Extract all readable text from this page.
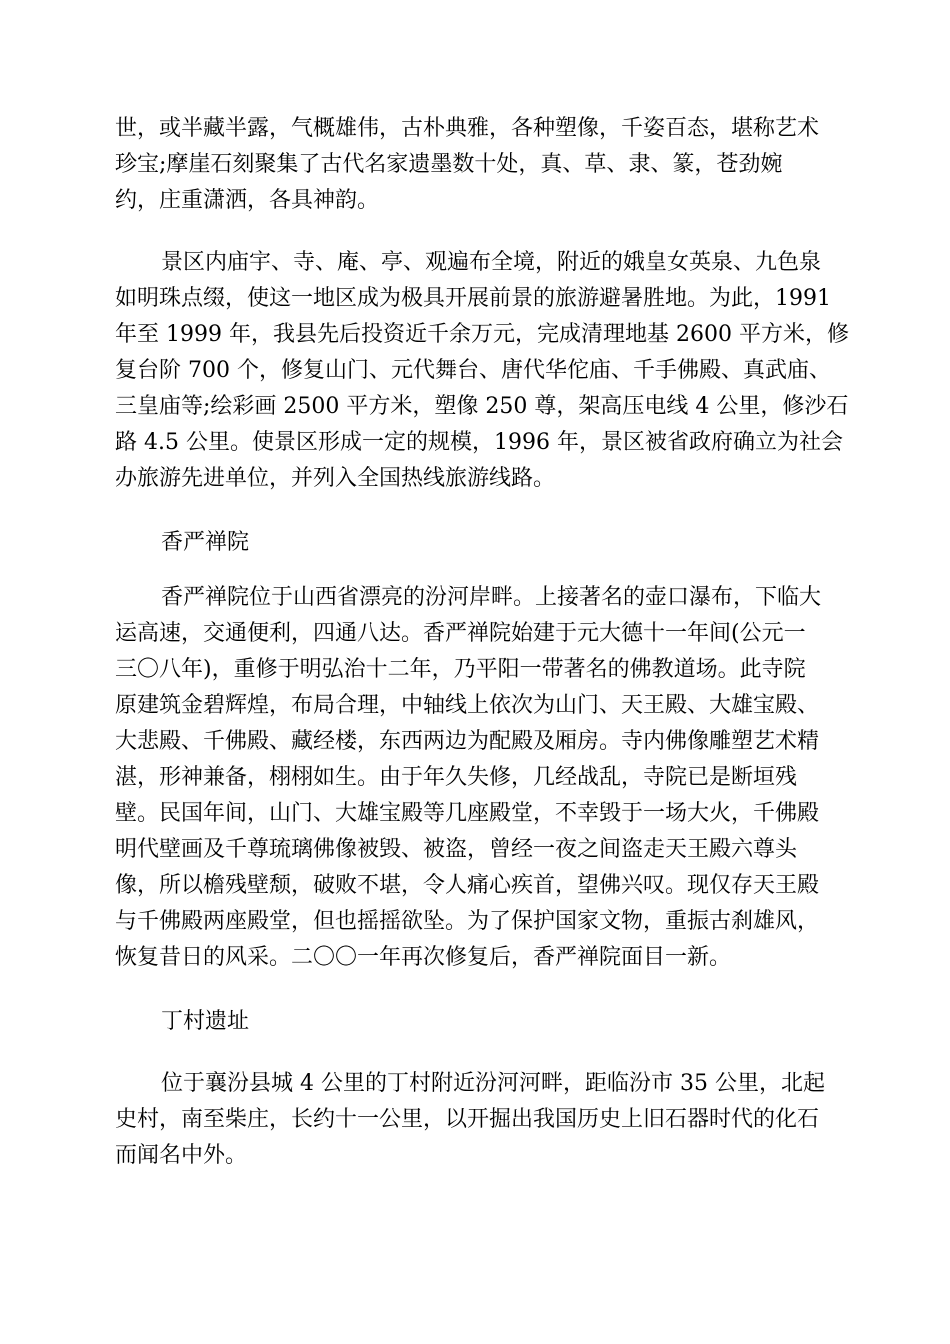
世，或半藏半露，气概雄伟，古朴典雅，各种塑像，千姿百态，堪称艺术
珍宝;摩崖石刻聚集了古代名家遗墨数十处，真、草、隶、篆，苍劲婉
约，庄重潇洒，各具神韵。
景区内庙宇、寺、庵、亭、观遍布全境，附近的娥皇女英泉、九色泉
如明珠点缀，使这一地区成为极具开展前景的旅游避暑胜地。为此，1991
年至 1999 年，我县先后投资近千余万元，完成清理地基 2600 平方米，修
复台阶 700 个，修复山门、元代舞台、唐代华佗庙、千手佛殿、真武庙、
三皇庙等;绘彩画 2500 平方米，塑像 250 尊，架高压电线 4 公里，修沙石
路 4.5 公里。使景区形成一定的规模，1996 年，景区被省政府确立为社会
办旅游先进单位，并列入全国热线旅游线路。
香严禅院
香严禅院位于山西省漂亮的汾河岸畔。上接著名的壶口瀑布，下临大
运高速，交通便利，四通八达。香严禅院始建于元大德十一年间(公元一
三〇八年)，重修于明弘治十二年，乃平阳一带著名的佛教道场。此寺院
原建筑金碧辉煌，布局合理，中轴线上依次为山门、天王殿、大雄宝殿、
大悲殿、千佛殿、藏经楼，东西两边为配殿及厢房。寺内佛像雕塑艺术精
湛，形神兼备，栩栩如生。由于年久失修，几经战乱，寺院已是断垣残
壁。民国年间，山门、大雄宝殿等几座殿堂，不幸毁于一场大火，千佛殿
明代壁画及千尊琉璃佛像被毁、被盗，曾经一夜之间盗走天王殿六尊头
像，所以檐残壁颓，破败不堪，令人痛心疾首，望佛兴叹。现仅存天王殿
与千佛殿两座殿堂，但也摇摇欲坠。为了保护国家文物，重振古刹雄风，
恢复昔日的风采。二〇〇一年再次修复后，香严禅院面目一新。
丁村遗址
位于襄汾县城 4 公里的丁村附近汾河河畔，距临汾市 35 公里，北起
史村，南至柴庄，长约十一公里，以开掘出我国历史上旧石器时代的化石
而闻名中外。
